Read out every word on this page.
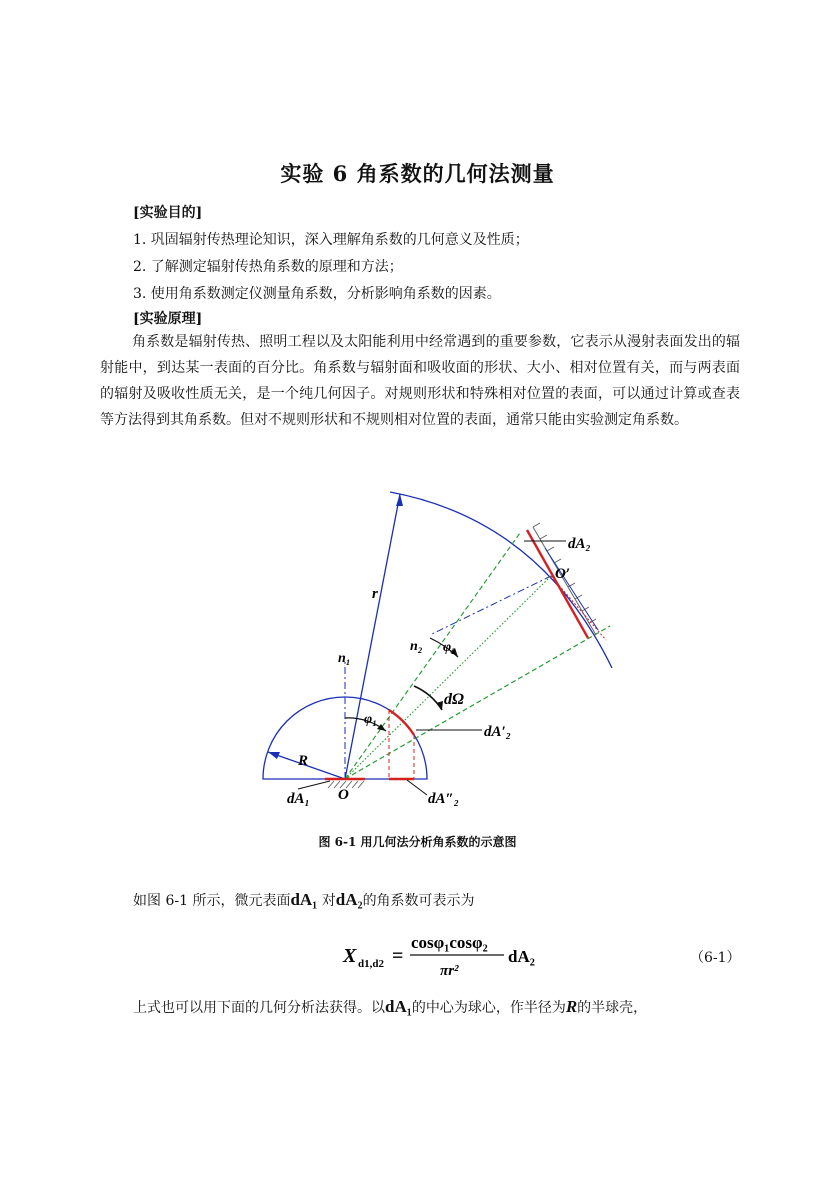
实验 6 角系数的几何法测量
[实验目的]
1. 巩固辐射传热理论知识，深入理解角系数的几何意义及性质；
2. 了解测定辐射传热角系数的原理和方法；
3. 使用角系数测定仪测量角系数，分析影响角系数的因素。
[实验原理]
角系数是辐射传热、照明工程以及太阳能利用中经常遇到的重要参数，它表示从漫射表面发出的辐射能中，到达某一表面的百分比。角系数与辐射面和吸收面的形状、大小、相对位置有关，而与两表面的辐射及吸收性质无关，是一个纯几何因子。对规则形状和特殊相对位置的表面，可以通过计算或查表等方法得到其角系数。但对不规则形状和不规则相对位置的表面，通常只能由实验测定角系数。
dA₂
O′
r
n₂ φ₂
n₁
dΩ
φ₁
dA′₂
R
dA₁ O	dA″₂
图 6-1 用几何法分析角系数的示意图
如图 6-1 所示，微元表面dA₁ 对dA₂的角系数可表示为
X d1,d2 =
cosφ₁cosφ₂
πr²
dA₂	（6-1）
上式也可以用下面的几何分析法获得。以dA₁的中心为球心，作半径为R的半球壳，
